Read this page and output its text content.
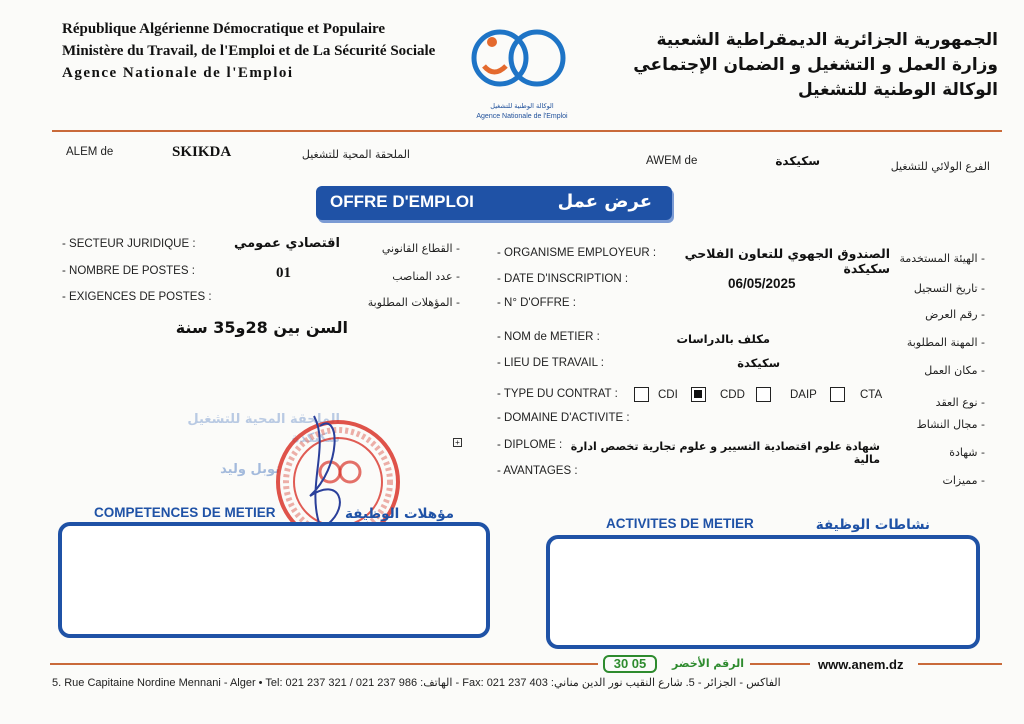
République Algérienne Démocratique et Populaire
Ministère du Travail, de l'Emploi et de La Sécurité Sociale
Agence Nationale de l'Emploi
الوكالة الوطنية للتشغيل
Agence Nationale de l'Emploi
الجمهورية الجزائرية الديمقراطية الشعبية
وزارة العمل و التشغيل و الضمان الإجتماعي
الوكالة الوطنية للتشغيل
ALEM de	SKIKDA	الملحقة المحية للتشغيل	AWEM de	سكيكدة	الفرع الولائي للتشغيل
OFFRE D'EMPLOI	عرض عمل
- SECTEUR JURIDIQUE :	اقتصادي عمومي	- القطاع القانوني
- NOMBRE DE POSTES :	01	- عدد المناصب
- EXIGENCES DE POSTES :	- المؤهلات المطلوبة
السن بين 28و35 سنة
الملحقة المحية للتشغيل
سكيكدة
نوبل وليد
+
- ORGANISME EMPLOYEUR :	الصندوق الجهوي للتعاون الفلاحي سكيكدة
- الهيئة المستخدمة
- DATE D'INSCRIPTION :	06/05/2025	- تاريخ التسجيل
- N° D'OFFRE :
- رقم العرض
- NOM de METIER :	مكلف بالدراسات	- المهنة المطلوبة
- LIEU DE TRAVAIL :	سكيكدة
- مكان العمل
- TYPE DU CONTRAT :
- نوع العقد
CDI	CDD	DAIP	CTA
- DOMAINE D'ACTIVITE :	- مجال النشاط
- DIPLOME : شهادة علوم اقتصادية التسيير و علوم تجارية تخصص ادارة مالية
- شهادة
- AVANTAGES :
- مميزات
COMPETENCES DE METIER	مؤهلات الوظيفة
ACTIVITES DE METIER	نشاطات الوظيفة
30 05	الرقم الأخضر	www.anem.dz
5. Rue Capitaine Nordine Mennani - Alger • Tel: 021 237 321 / 021 237 986 :الهاتف - Fax: 021 237 403 :الفاكس - الجزائر - 5. شارع النقيب نور الدين مناني
